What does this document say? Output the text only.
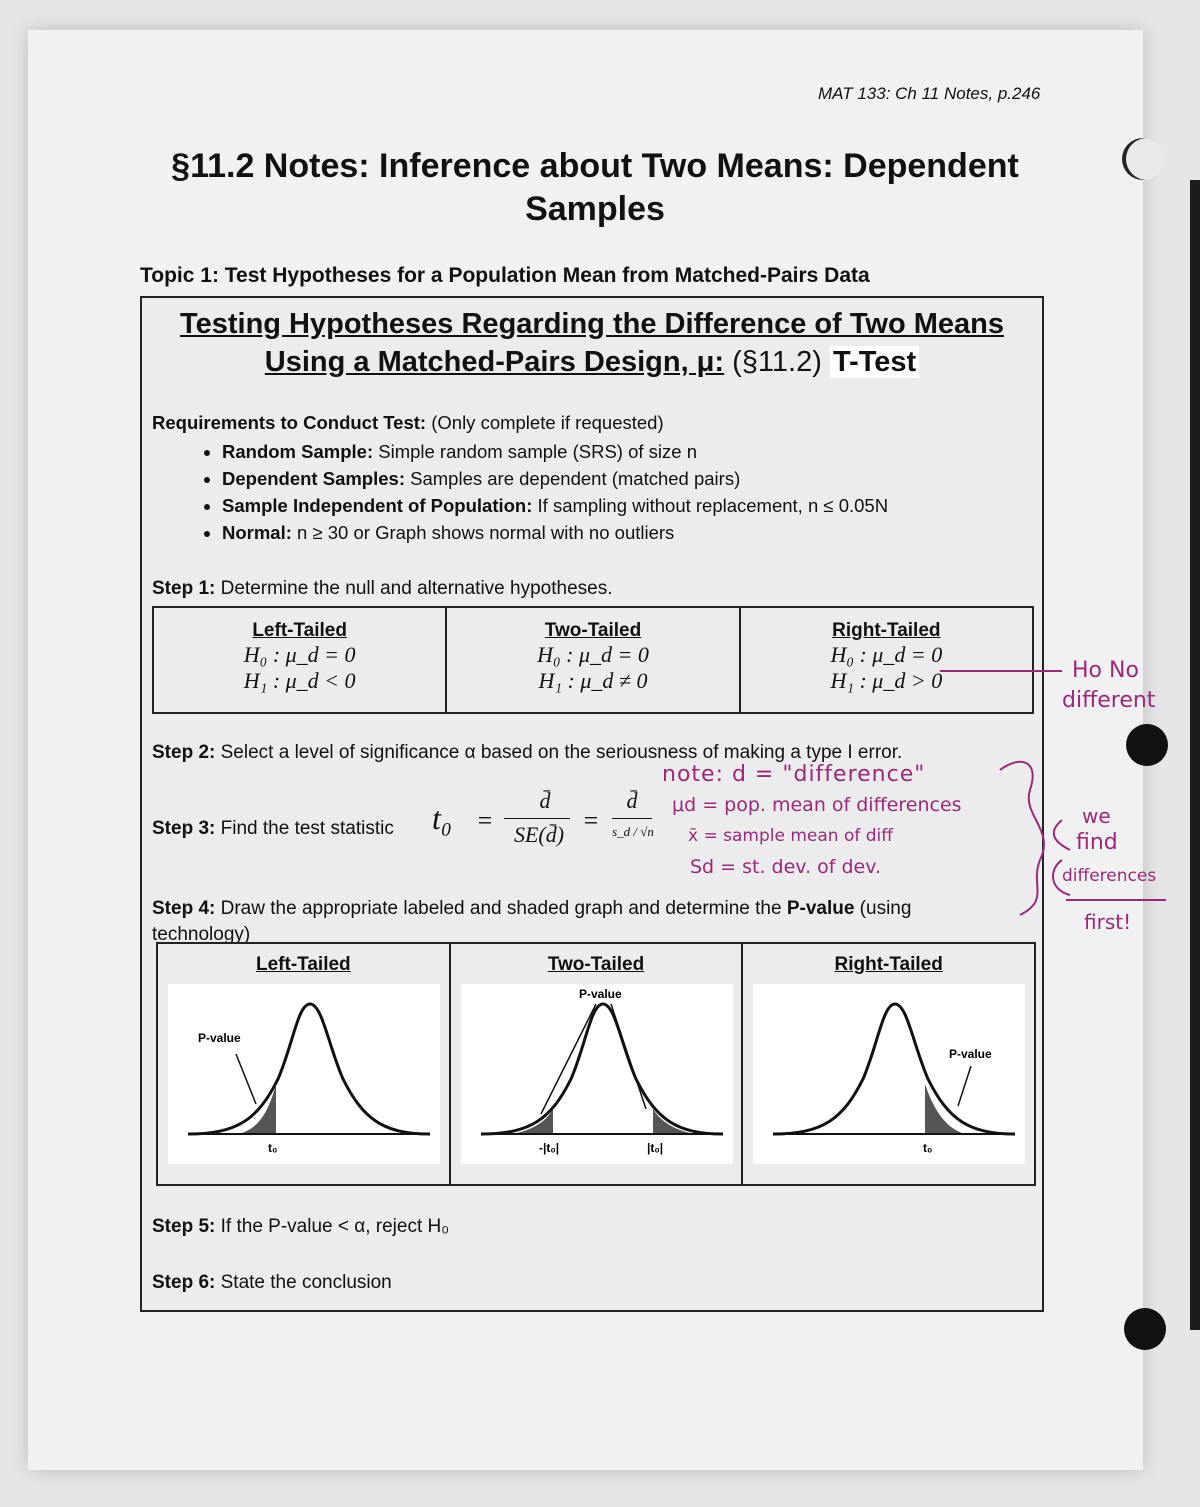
MAT 133: Ch 11 Notes, p.246
§11.2 Notes: Inference about Two Means: Dependent
Samples
Topic 1: Test Hypotheses for a Population Mean from Matched-Pairs Data
Testing Hypotheses Regarding the Difference of Two Means
Using a Matched-Pairs Design, μ: (§11.2) T-Test
Requirements to Conduct Test: (Only complete if requested)
• Random Sample: Simple random sample (SRS) of size n
• Dependent Samples: Samples are dependent (matched pairs)
• Sample Independent of Population: If sampling without replacement, n ≤ 0.05N
• Normal: n ≥ 30 or Graph shows normal with no outliers
Step 1: Determine the null and alternative hypotheses.
Left-Tailed
H₀ : μ_d = 0
H₁ : μ_d < 0
Two-Tailed
H₀ : μ_d = 0
H₁ : μ_d ≠ 0
Right-Tailed
H₀ : μ_d = 0
H₁ : μ_d > 0
Step 2: Select a level of significance α based on the seriousness of making a type I error.
Step 3: Find the test statistic t₀ =
d̄
SE(d̄) =
d̄
s_d / √n
Step 4: Draw the appropriate labeled and shaded graph and determine the P-value (using technology)
Left-Tailed
P-value
t₀
Two-Tailed
P-value
-|t₀|	|t₀|
Right-Tailed
P-value
t₀
Step 5: If the P-value < α, reject H₀
Step 6: State the conclusion
note: d = "difference"
μd = pop. mean of differences
x̄ = sample mean of diff
Sd = st. dev. of dev.
Ho No
different
we
find
differences
first!
